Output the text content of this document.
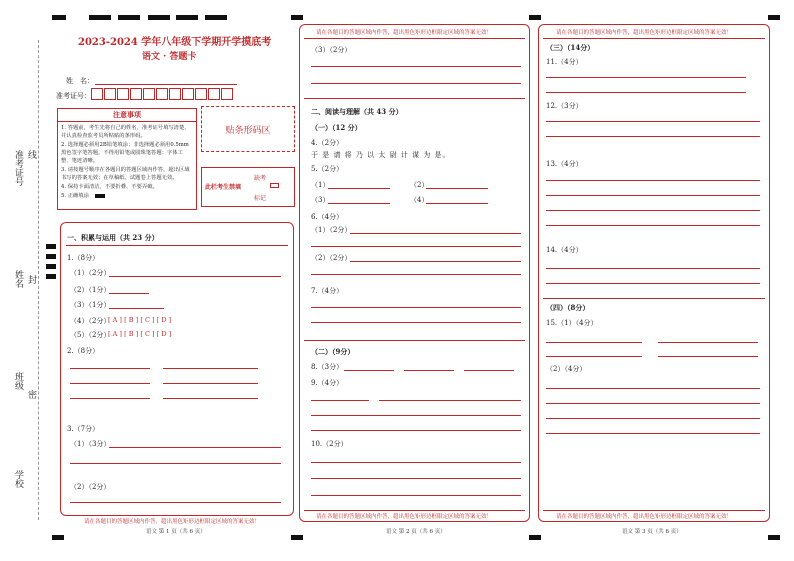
准考证号 线
姓名 封
班级
密
学校
2023-2024 学年八年级下学期开学摸底考
语文 · 答题卡
姓　名：
准考证号：
注意事项
1. 答题前，考生先将自己的姓名、准考证号填写清楚，并认真检查监考员所粘贴的条形码。
2. 选择题必须用2B铅笔填涂；非选择题必须用0.5mm黑色签字笔答题，不得用铅笔或圆珠笔答题：字体工整、笔迹清晰。
3. 请按题号顺序在各题目的答题区域内作答，超出区域书写的答案无效；在草稿纸、试题卷上答题无效。
4. 保持卡面清洁，不要折叠、不要弄破。
5. 正确填涂
贴条形码区
此栏考生禁填
缺考
标记
一、积累与运用（共 23 分）
1.（8分）
（1）（2分）
（2）（1分）
（3）（1分）
（4）（2分）
[ A ] [ B ] [ C ] [ D ]
（5）（2分）
[ A ] [ B ] [ C ] [ D ]
2.（8分）
3.（7分）
（1）（3分）
（2）（2分）
请在各题目的答题区域内作答，超出黑色矩形边框限定区域的答案无效！
语文 第 1 页（共 6 页）
请在各题目的答题区域内作答，超出黑色矩形边框限定区域的答案无效！
（3）（2分）
二、阅读与理解（共 43 分）
（一）（12 分）
4.（2分）
于 是 请 将 乃 以 太 尉 计 谋 为 是。
5.（2分）
（1）	（2）
（3）	（4）
6.（4分）
（1）（2分）
（2）（2分）
7.（4分）
（二）（9分）
8.（3分）
9.（4分）
10.（2分）
请在各题目的答题区域内作答，超出黑色矩形边框限定区域的答案无效！
语文 第 2 页（共 6 页）
请在各题目的答题区域内作答，超出黑色矩形边框限定区域的答案无效！
（三）（14分）
11.（4分）
12.（3分）
13.（4分）
14.（4分）
（四）（8分）
15.（1）（4分）
（2）（4分）
请在各题目的答题区域内作答，超出黑色矩形边框限定区域的答案无效！
语文 第 3 页（共 6 页）
